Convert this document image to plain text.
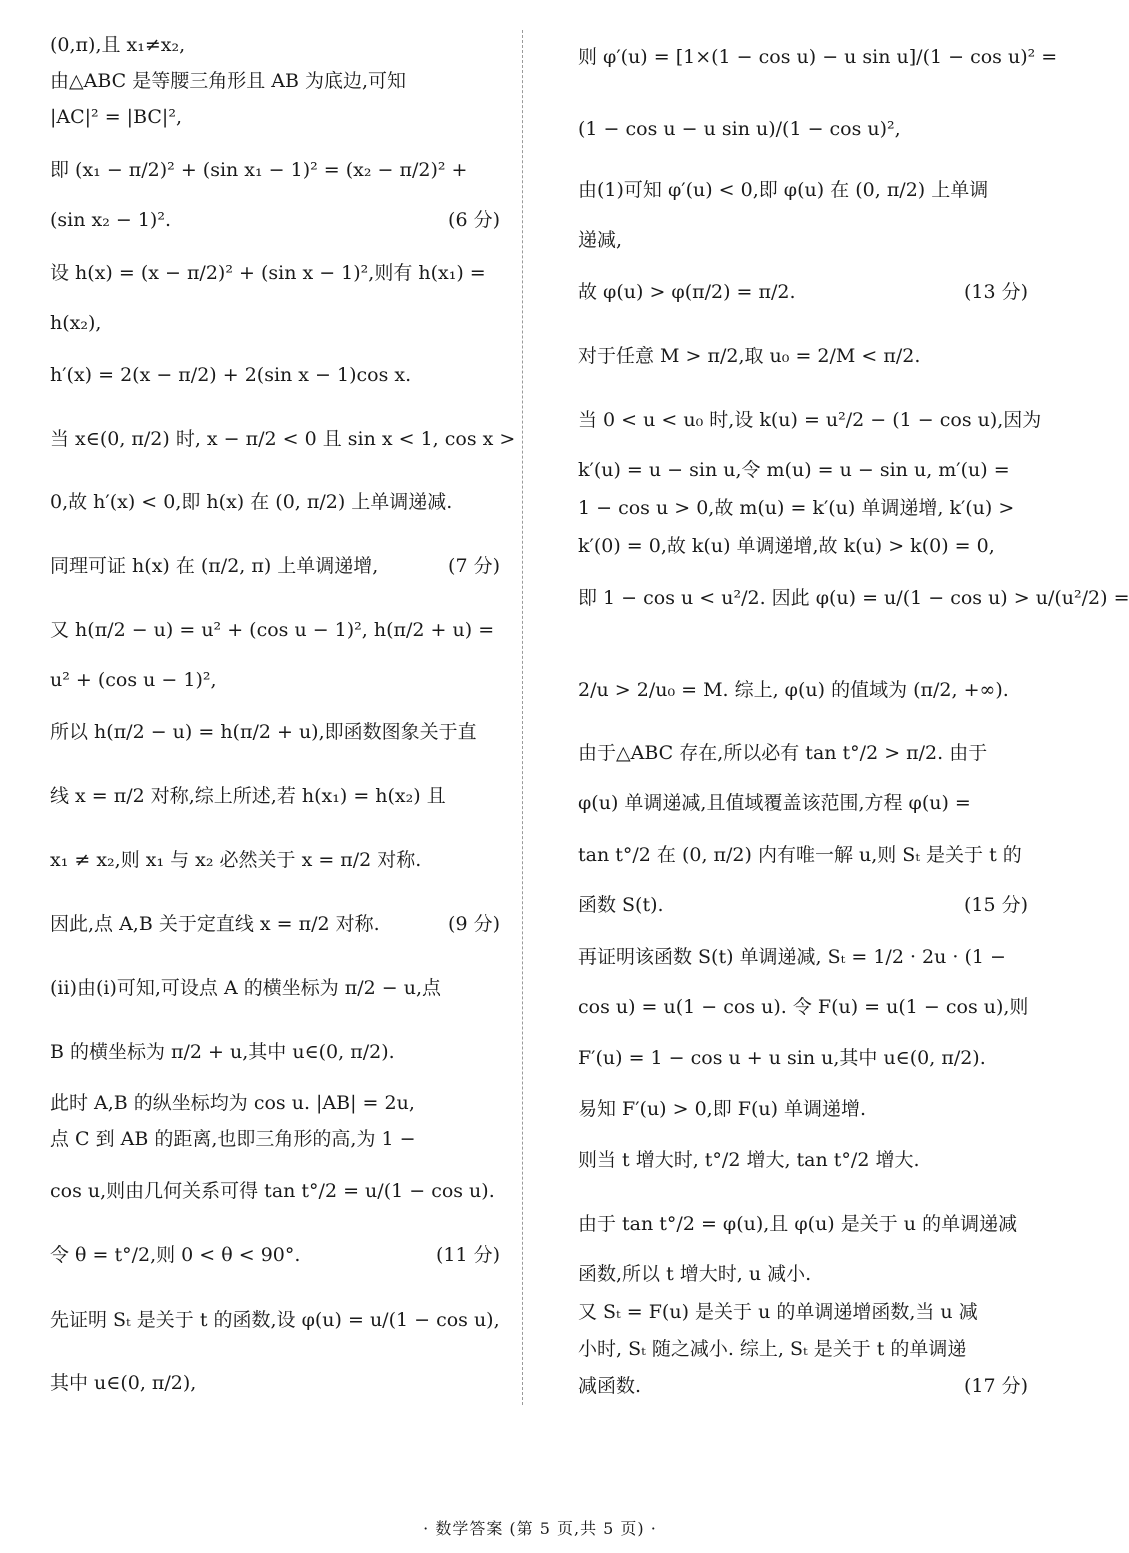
(0,π),且 x₁≠x₂,
由△ABC 是等腰三角形且 AB 为底边,可知
|AC|² = |BC|²,
即 (x₁ − π/2)² + (sin x₁ − 1)² = (x₂ − π/2)² +
(sin x₂ − 1)².	(6 分)
设 h(x) = (x − π/2)² + (sin x − 1)²,则有 h(x₁) =
h(x₂),
h′(x) = 2(x − π/2) + 2(sin x − 1)cos x.
当 x∈(0, π/2) 时, x − π/2 < 0 且 sin x < 1, cos x >
0,故 h′(x) < 0,即 h(x) 在 (0, π/2) 上单调递减.
同理可证 h(x) 在 (π/2, π) 上单调递增,	(7 分)
又 h(π/2 − u) = u² + (cos u − 1)², h(π/2 + u) =
u² + (cos u − 1)²,
所以 h(π/2 − u) = h(π/2 + u),即函数图象关于直
线 x = π/2 对称,综上所述,若 h(x₁) = h(x₂) 且
x₁ ≠ x₂,则 x₁ 与 x₂ 必然关于 x = π/2 对称.
因此,点 A,B 关于定直线 x = π/2 对称.	(9 分)
(ii)由(i)可知,可设点 A 的横坐标为 π/2 − u,点
B 的横坐标为 π/2 + u,其中 u∈(0, π/2).
此时 A,B 的纵坐标均为 cos u. |AB| = 2u,
点 C 到 AB 的距离,也即三角形的高,为 1 −
cos u,则由几何关系可得 tan t°/2 = u/(1 − cos u).
令 θ = t°/2,则 0 < θ < 90°.	(11 分)
先证明 Sₜ 是关于 t 的函数,设 φ(u) = u/(1 − cos u),
其中 u∈(0, π/2),
则 φ′(u) = [1×(1 − cos u) − u sin u]/(1 − cos u)² =
(1 − cos u − u sin u)/(1 − cos u)²,
由(1)可知 φ′(u) < 0,即 φ(u) 在 (0, π/2) 上单调
递减,
故 φ(u) > φ(π/2) = π/2.	(13 分)
对于任意 M > π/2,取 u₀ = 2/M < π/2.
当 0 < u < u₀ 时,设 k(u) = u²/2 − (1 − cos u),因为
k′(u) = u − sin u,令 m(u) = u − sin u, m′(u) =
1 − cos u > 0,故 m(u) = k′(u) 单调递增, k′(u) >
k′(0) = 0,故 k(u) 单调递增,故 k(u) > k(0) = 0,
即 1 − cos u < u²/2. 因此 φ(u) = u/(1 − cos u) > u/(u²/2) =
2/u > 2/u₀ = M. 综上, φ(u) 的值域为 (π/2, +∞).
由于△ABC 存在,所以必有 tan t°/2 > π/2. 由于
φ(u) 单调递减,且值域覆盖该范围,方程 φ(u) =
tan t°/2 在 (0, π/2) 内有唯一解 u,则 Sₜ 是关于 t 的
函数 S(t).	(15 分)
再证明该函数 S(t) 单调递减, Sₜ = 1/2 · 2u · (1 −
cos u) = u(1 − cos u). 令 F(u) = u(1 − cos u),则
F′(u) = 1 − cos u + u sin u,其中 u∈(0, π/2).
易知 F′(u) > 0,即 F(u) 单调递增.
则当 t 增大时, t°/2 增大, tan t°/2 增大.
由于 tan t°/2 = φ(u),且 φ(u) 是关于 u 的单调递减
函数,所以 t 增大时, u 减小.
又 Sₜ = F(u) 是关于 u 的单调递增函数,当 u 减
小时, Sₜ 随之减小. 综上, Sₜ 是关于 t 的单调递
减函数.	(17 分)
· 数学答案 (第 5 页,共 5 页) ·
